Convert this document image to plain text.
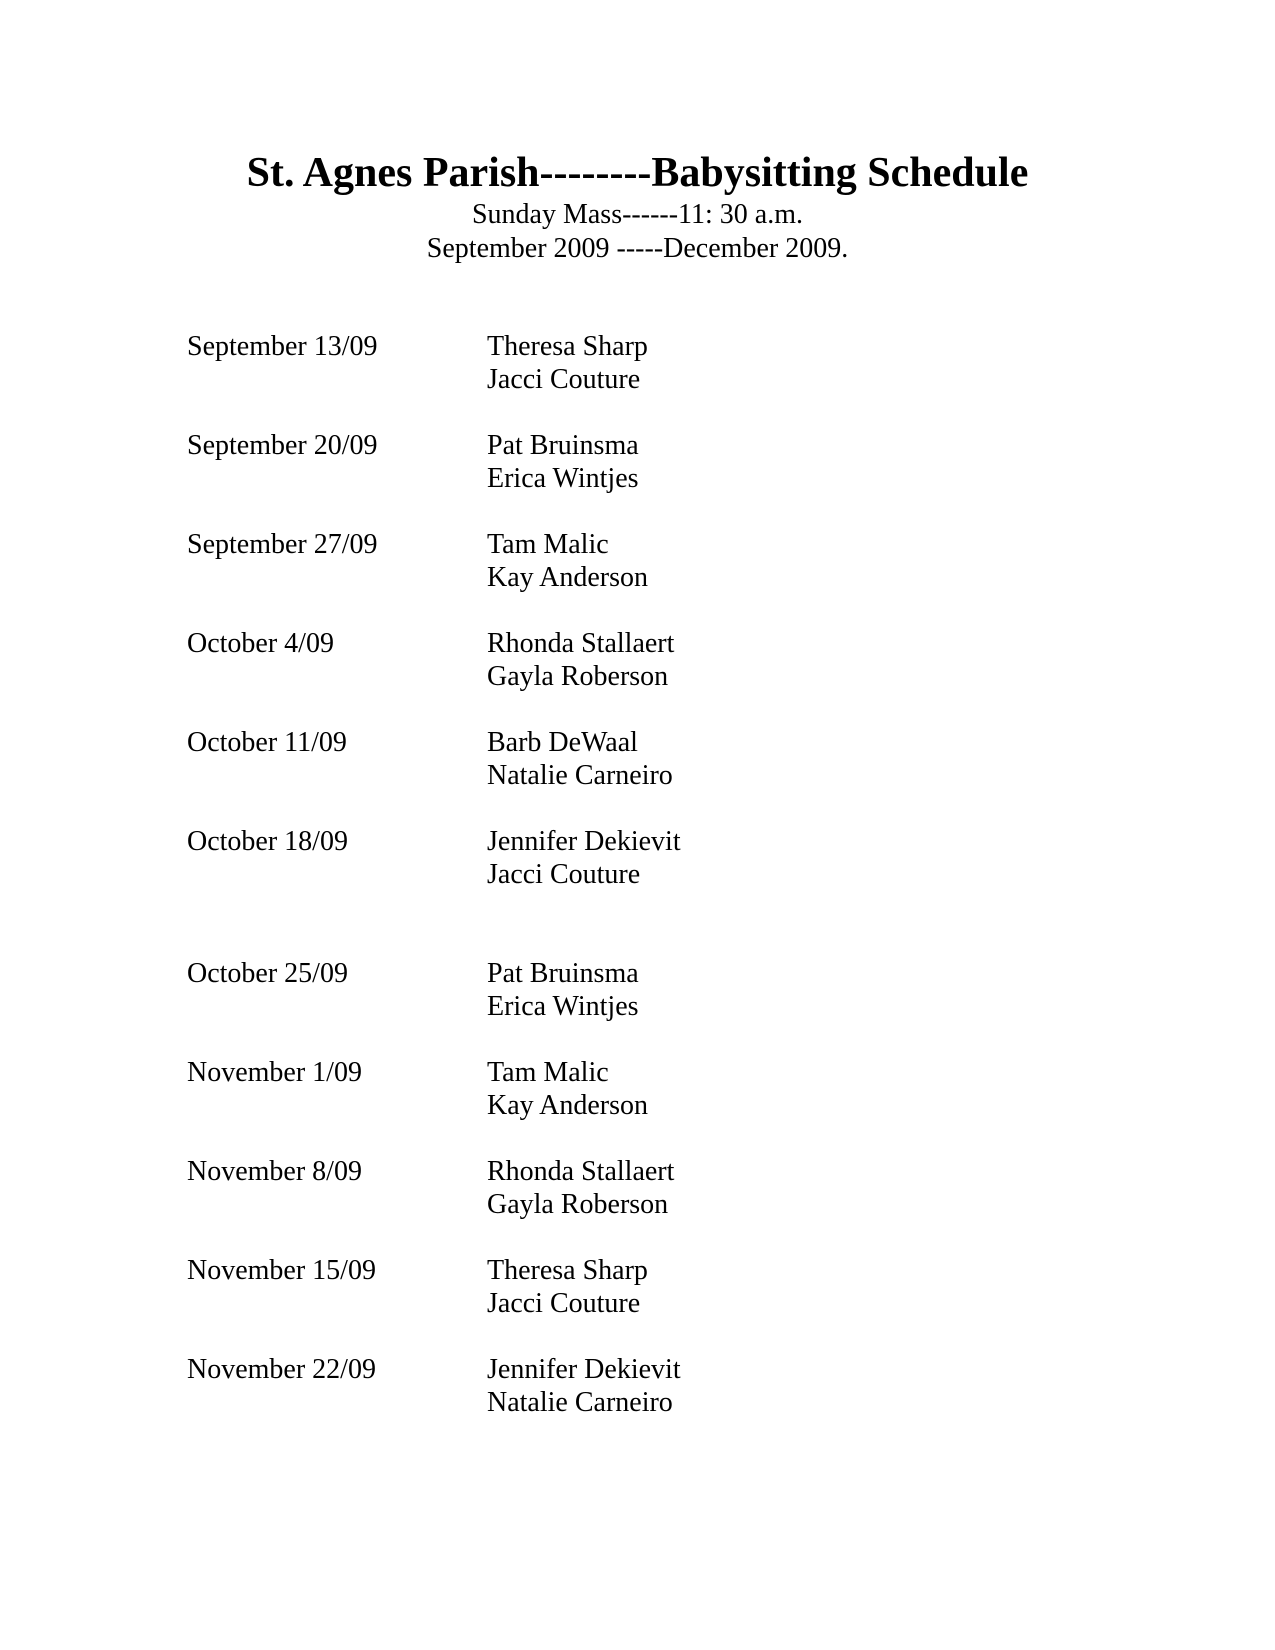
St. Agnes Parish--------Babysitting Schedule
Sunday Mass------11: 30 a.m.
September 2009 -----December 2009.
September 13/09	Theresa Sharp
Jacci Couture
September 20/09	Pat Bruinsma
Erica Wintjes
September 27/09	Tam Malic
Kay Anderson
October 4/09	Rhonda Stallaert
Gayla Roberson
October 11/09	Barb DeWaal
Natalie Carneiro
October 18/09	Jennifer Dekievit
Jacci Couture
October 25/09	Pat Bruinsma
Erica Wintjes
November 1/09	Tam Malic
Kay Anderson
November 8/09	Rhonda Stallaert
Gayla Roberson
November 15/09	Theresa Sharp
Jacci Couture
November 22/09	Jennifer Dekievit
Natalie Carneiro
